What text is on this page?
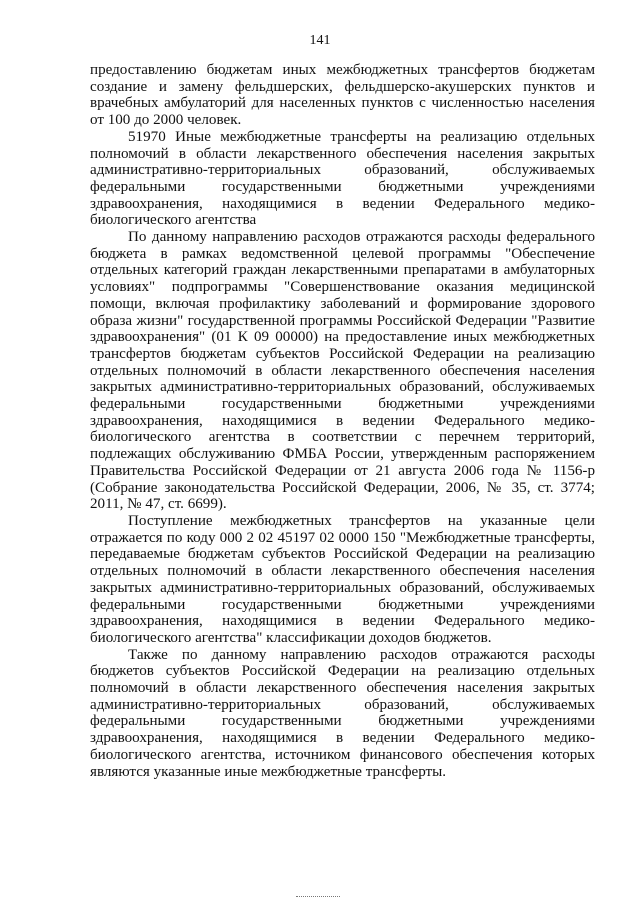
141

предоставлению бюджетам иных межбюджетных трансфертов бюджетам создание и замену фельдшерских, фельдшерско-акушерских пунктов и врачебных амбулаторий для населенных пунктов с численностью населения от 100 до 2000 человек.

51970 Иные межбюджетные трансферты на реализацию отдельных полномочий в области лекарственного обеспечения населения закрытых административно-территориальных образований, обслуживаемых федеральными государственными бюджетными учреждениями здравоохранения, находящимися в ведении Федерального медико-биологического агентства

По данному направлению расходов отражаются расходы федерального бюджета в рамках ведомственной целевой программы "Обеспечение отдельных категорий граждан лекарственными препаратами в амбулаторных условиях" подпрограммы "Совершенствование оказания медицинской помощи, включая профилактику заболеваний и формирование здорового образа жизни" государственной программы Российской Федерации "Развитие здравоохранения" (01 К 09 00000) на предоставление иных межбюджетных трансфертов бюджетам субъектов Российской Федерации на реализацию отдельных полномочий в области лекарственного обеспечения населения закрытых административно-территориальных образований, обслуживаемых федеральными государственными бюджетными учреждениями здравоохранения, находящимися в ведении Федерального медико-биологического агентства в соответствии с перечнем территорий, подлежащих обслуживанию ФМБА России, утвержденным распоряжением Правительства Российской Федерации от 21 августа 2006 года № 1156-р (Собрание законодательства Российской Федерации, 2006, № 35, ст. 3774; 2011, № 47, ст. 6699).

Поступление межбюджетных трансфертов на указанные цели отражается по коду 000 2 02 45197 02 0000 150 "Межбюджетные трансферты, передаваемые бюджетам субъектов Российской Федерации на реализацию отдельных полномочий в области лекарственного обеспечения населения закрытых административно-территориальных образований, обслуживаемых федеральными государственными бюджетными учреждениями здравоохранения, находящимися в ведении Федерального медико-биологического агентства" классификации доходов бюджетов.

Также по данному направлению расходов отражаются расходы бюджетов субъектов Российской Федерации на реализацию отдельных полномочий в области лекарственного обеспечения населения закрытых административно-территориальных образований, обслуживаемых федеральными государственными бюджетными учреждениями здравоохранения, находящимися в ведении Федерального медико-биологического агентства, источником финансового обеспечения которых являются указанные иные межбюджетные трансферты.
